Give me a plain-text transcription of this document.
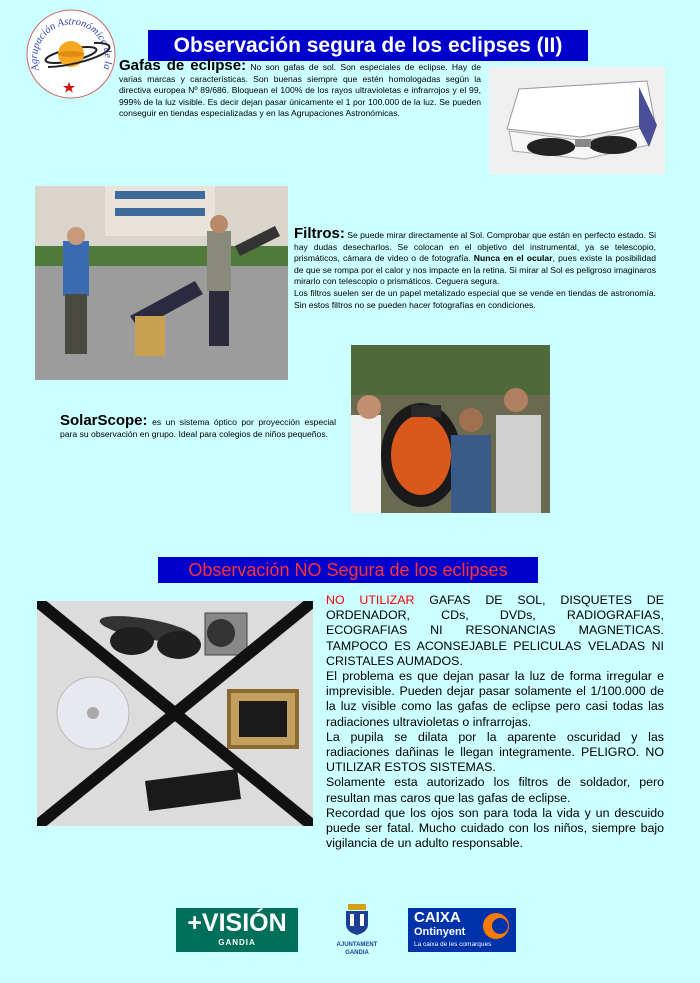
Agrupación Astronómica de la
Observación segura de los eclipses (II)
Gafas de eclipse: No son gafas de sol. Son especiales de eclipse. Hay de varias marcas y características. Son buenas siempre que estén homologadas según la directiva europea Nº 89/686. Bloquean el 100% de los rayos ultravioletas e infrarrojos y el 99, 999% de la luz visible. Es decir dejan pasar únicamente el 1 por 100.000 de la luz. Se pueden conseguir en tiendas especializadas y en las Agrupaciones Astronómicas.
Filtros: Se puede mirar directamente al Sol. Comprobar que están en perfecto estado. Si hay dudas desecharlos. Se colocan en el objetivo del instrumental, ya se telescopio, prismáticos, cámara de video o de fotografía. Nunca en el ocular, pues existe la posibilidad de que se rompa por el calor y nos impacte en la retina. Si mirar al Sol es peligroso imaginaros mirarlo con telescopio o prismáticos. Ceguera segura.
Los filtros suelen ser de un papel metalizado especial que se vende en tiendas de astronomía. Sin estos filtros no se pueden hacer fotografías en condiciones.
SolarScope: es un sistema óptico por proyección especial para su observación en grupo. Ideal para colegios de niños pequeños.
Observación NO Segura de los eclipses
NO UTILIZAR GAFAS DE SOL, DISQUETES DE ORDENADOR, CDs, DVDs, RADIOGRAFIAS, ECOGRAFIAS NI RESONANCIAS MAGNETICAS. TAMPOCO ES ACONSEJABLE PELICULAS VELADAS NI CRISTALES AUMADOS.
El problema es que dejan pasar la luz de forma irregular e imprevisible. Pueden dejar pasar solamente el 1/100.000 de la luz visible como las gafas de eclipse pero casi todas las radiaciones ultravioletas o infrarrojas.
La pupila se dilata por la aparente oscuridad y las radiaciones dañinas le llegan integramente. PELIGRO. NO UTILIZAR ESTOS SISTEMAS.
Solamente esta autorizado los filtros de soldador, pero resultan mas caros que las gafas de eclipse.
Recordad que los ojos son para toda la vida y un descuido puede ser fatal. Mucho cuidado con los niños, siempre bajo vigilancia de un adulto responsable.
+VISIÓN
GANDIA	AJUNTAMENT
GANDIA
CAIXA
Ontinyent
La caixa de les comarques
